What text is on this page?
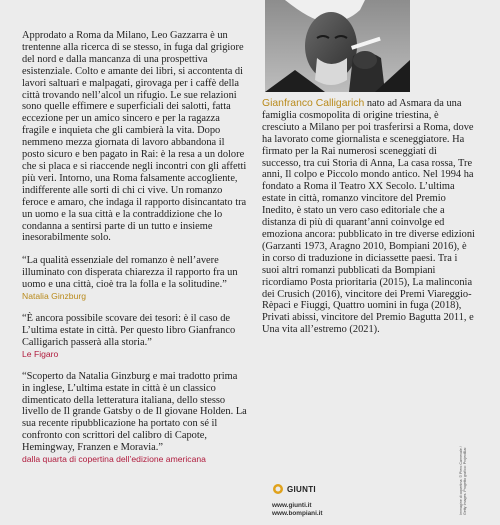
Approdato a Roma da Milano, Leo Gazzarra è un trentenne alla ricerca di se stesso, in fuga dal grigiore del nord e dalla mancanza di una prospettiva esistenziale. Colto e amante dei libri, si accontenta di lavori saltuari e malpagati, girovaga per i caffè della città trovando nell’alcol un rifugio. Le sue relazioni sono quelle effimere e superficiali dei salotti, fatta eccezione per un amico sincero e per la ragazza fragile e inquieta che gli cambierà la vita. Dopo nemmeno mezza giornata di lavoro abbandona il posto sicuro e ben pagato in Rai: è la resa a un dolore che si placa e si riaccende negli incontri con gli affetti più veri. Intorno, una Roma falsamente accogliente, indifferente alle sorti di chi ci vive. Un romanzo feroce e amaro, che indaga il rapporto disincantato tra un uomo e la sua città e la contraddizione che lo condanna a sentirsi parte di un tutto e insieme inesorabilmente solo.

“La qualità essenziale del romanzo è nell’avere illuminato con disperata chiarezza il rapporto fra un uomo e una città, cioè tra la folla e la solitudine.”

Natalia Ginzburg

“È ancora possibile scovare dei tesori: è il caso de L’ultima estate in città. Per questo libro Gianfranco Calligarich passerà alla storia.”

Le Figaro

“Scoperto da Natalia Ginzburg e mai tradotto prima in inglese, L’ultima estate in città è un classico dimenticato della letteratura italiana, dello stesso livello de Il grande Gatsby o de Il giovane Holden. La sua recente ripubblicazione ha portato con sé il confronto con scrittori del calibro di Capote, Hemingway, Franzen e Moravia.”

dalla quarta di copertina dell’edizione americana

Gianfranco Calligarich nato ad Asmara da una famiglia cosmopolita di origine triestina, è cresciuto a Milano per poi trasferirsi a Roma, dove ha lavorato come giornalista e sceneggiatore. Ha firmato per la Rai numerosi sceneggiati di successo, tra cui Storia di Anna, La casa rossa, Tre anni, Il colpo e Piccolo mondo antico. Nel 1994 ha fondato a Roma il Teatro XX Secolo. L’ultima estate in città, romanzo vincitore del Premio Inedito, è stato un vero caso editoriale che a distanza di più di quarant’anni coinvolge ed emoziona ancora: pubblicato in tre diverse edizioni (Garzanti 1973, Aragno 2010, Bompiani 2016), è in corso di traduzione in diciassette paesi. Tra i suoi altri romanzi pubblicati da Bompiani ricordiamo Posta prioritaria (2015), La malinconia dei Crusich (2016), vincitore dei Premi Viareggio-Rèpaci e Fiuggi, Quattro uomini in fuga (2018), Privati abissi, vincitore del Premio Bagutta 2011, e Una vita all’estremo (2021).

GIUNTI
www.giunti.it
www.bompiani.it	Immagine di copertina: © Piero Carnevale / Getty Images. Progetto grafico: ProjectBar.
